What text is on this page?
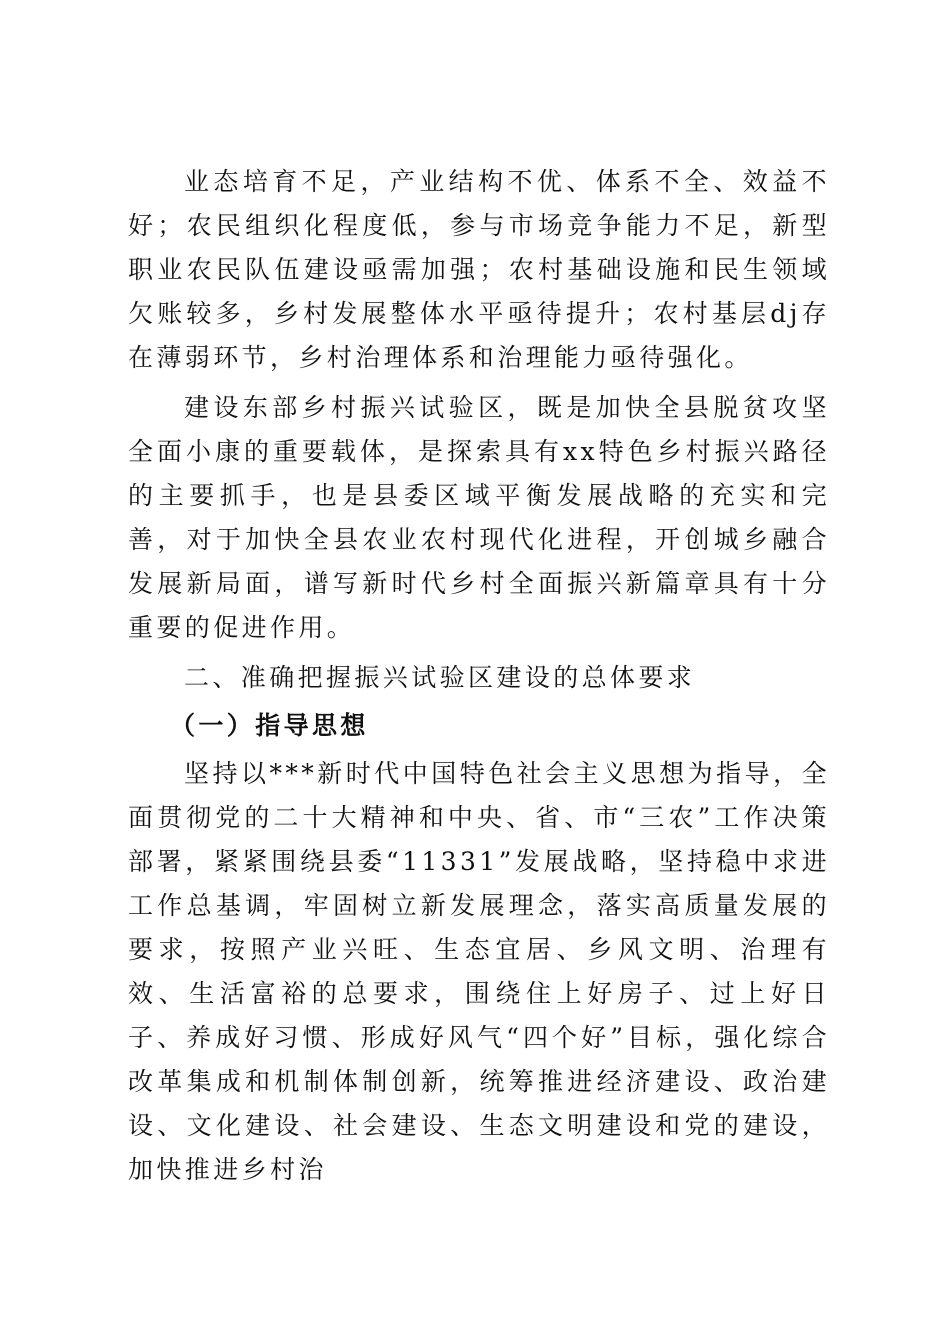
业态培育不足，产业结构不优、体系不全、效益不好；农民组织化程度低，参与市场竞争能力不足，新型职业农民队伍建设亟需加强；农村基础设施和民生领域欠账较多，乡村发展整体水平亟待提升；农村基层dj存在薄弱环节，乡村治理体系和治理能力亟待强化。

建设东部乡村振兴试验区，既是加快全县脱贫攻坚全面小康的重要载体，是探索具有xx特色乡村振兴路径的主要抓手，也是县委区域平衡发展战略的充实和完善，对于加快全县农业农村现代化进程，开创城乡融合发展新局面，谱写新时代乡村全面振兴新篇章具有十分重要的促进作用。

二、准确把握振兴试验区建设的总体要求

（一）指导思想

坚持以***新时代中国特色社会主义思想为指导，全面贯彻党的二十大精神和中央、省、市“三农”工作决策部署，紧紧围绕县委“11331”发展战略，坚持稳中求进工作总基调，牢固树立新发展理念，落实高质量发展的要求，按照产业兴旺、生态宜居、乡风文明、治理有效、生活富裕的总要求，围绕住上好房子、过上好日子、养成好习惯、形成好风气“四个好”目标，强化综合改革集成和机制体制创新，统筹推进经济建设、政治建设、文化建设、社会建设、生态文明建设和党的建设，加快推进乡村治
